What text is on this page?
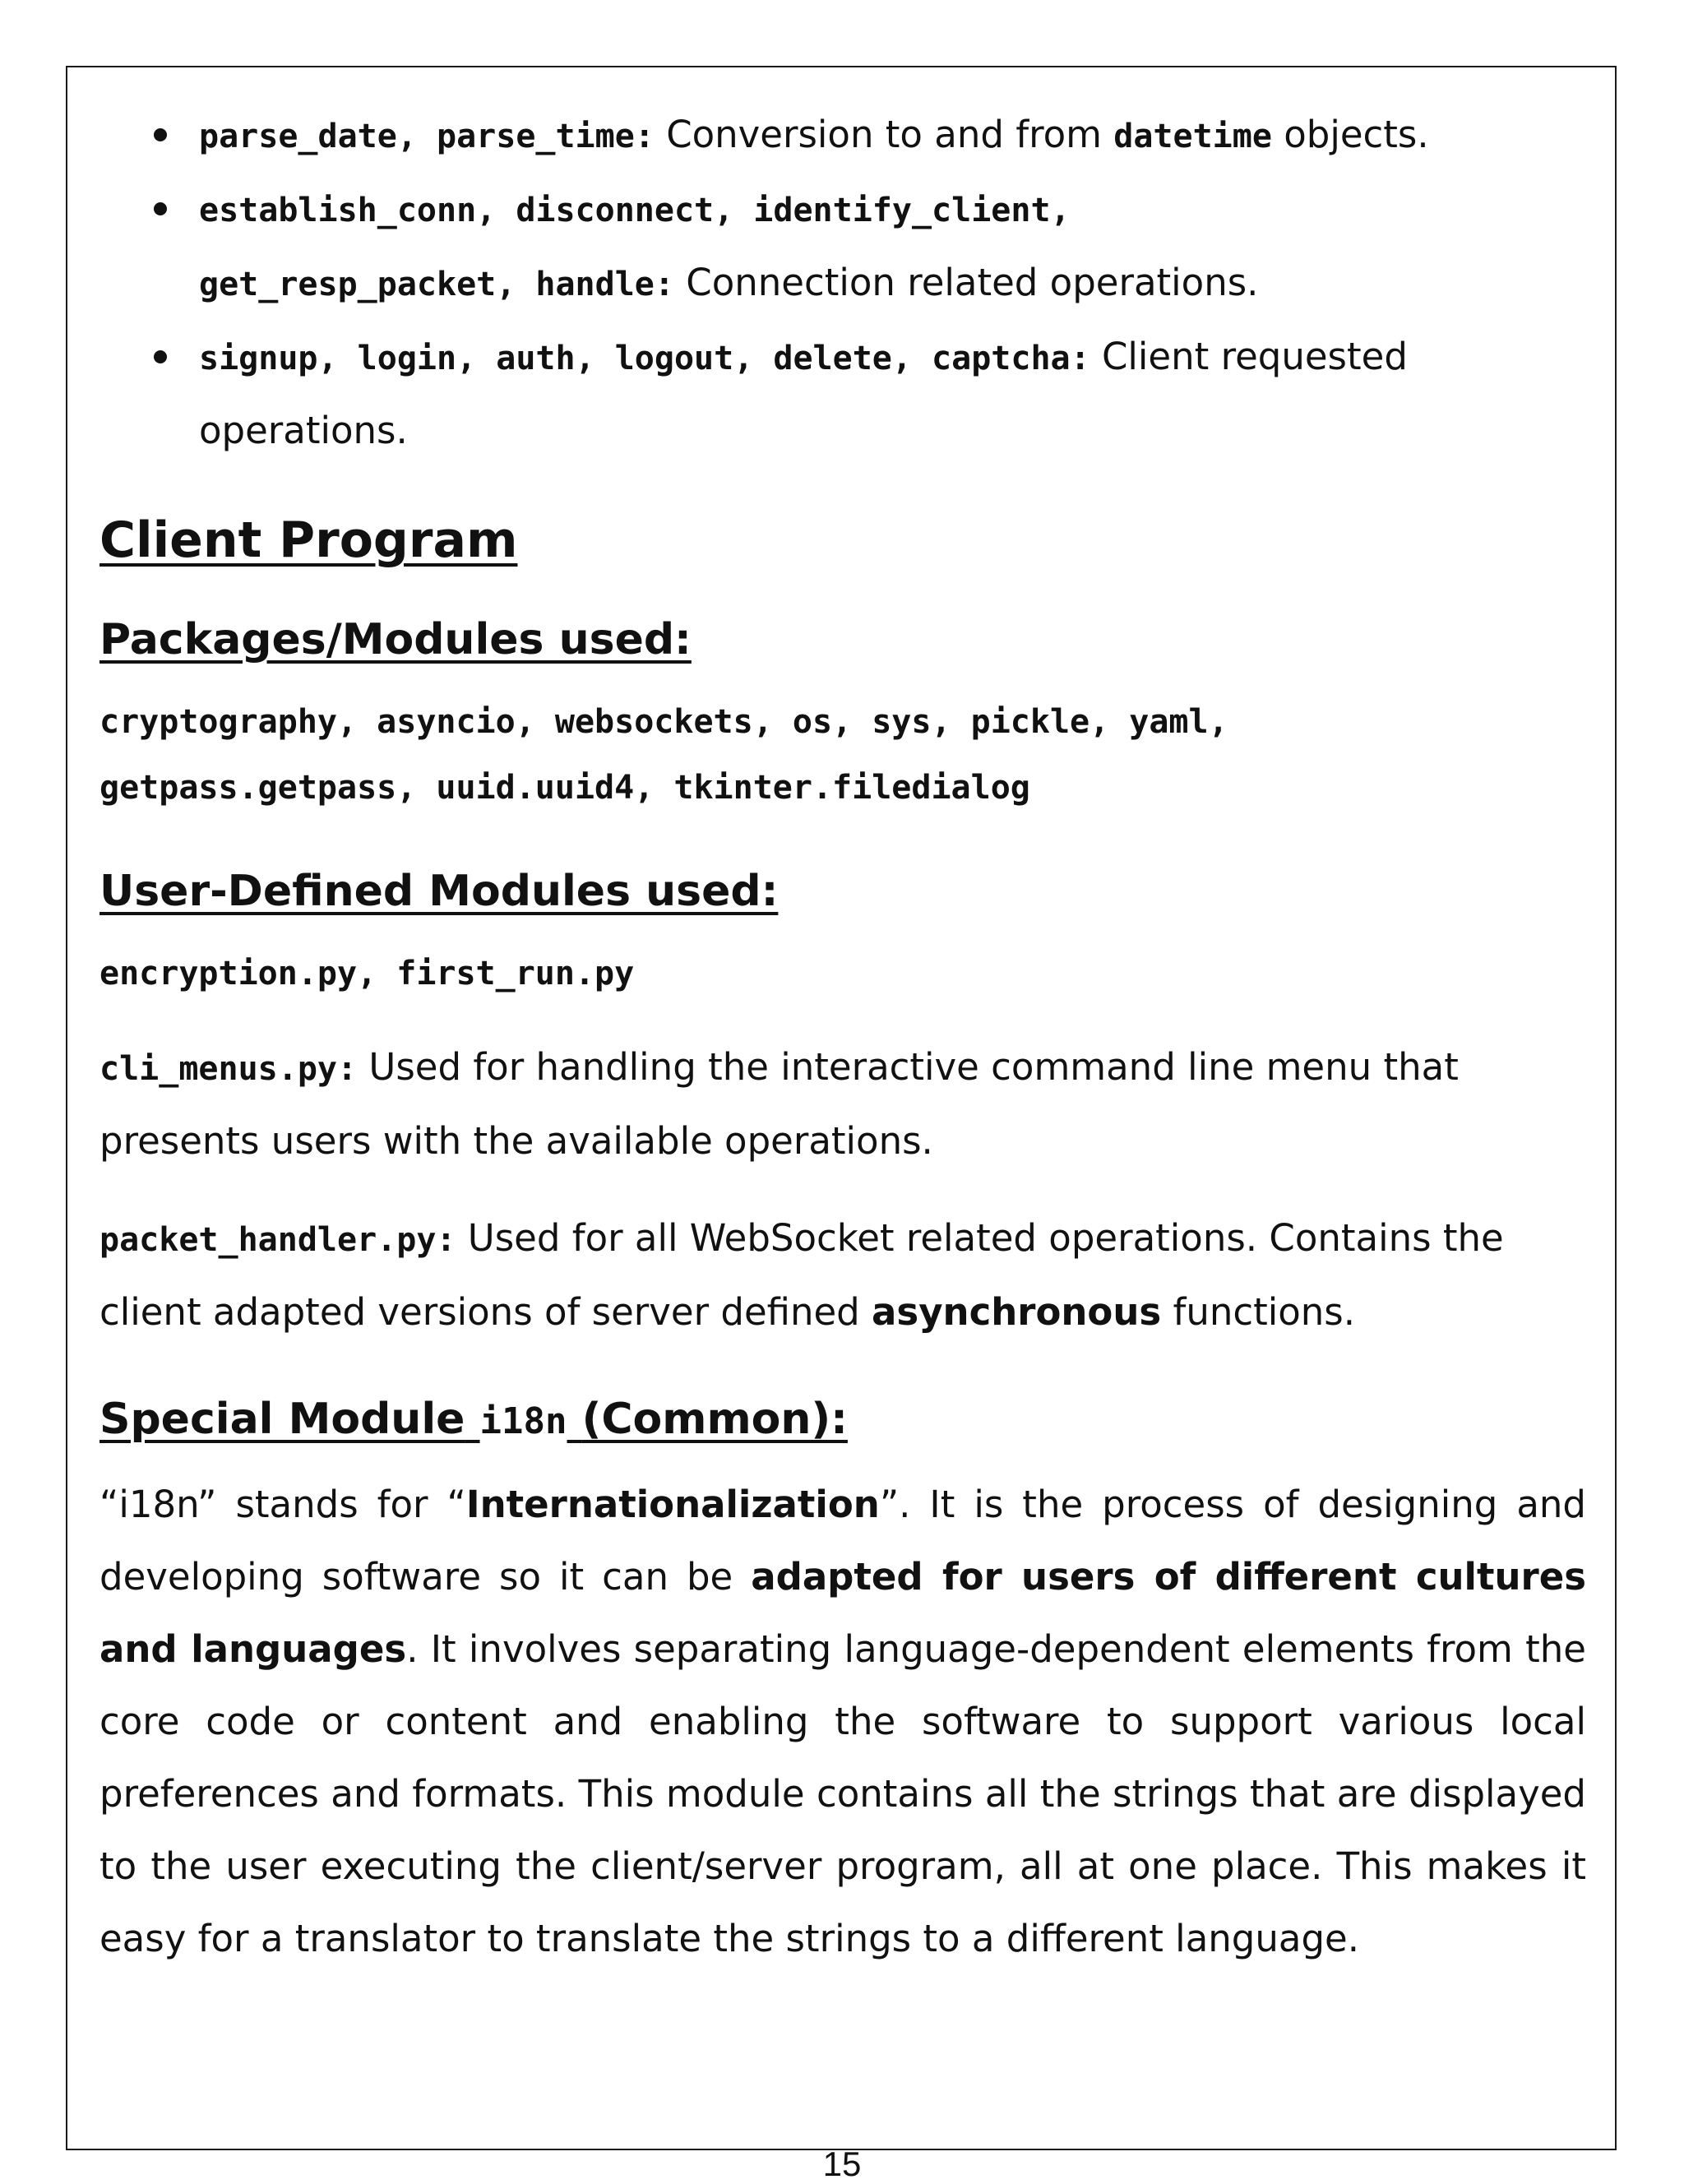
parse_date, parse_time: Conversion to and from datetime objects.
establish_conn, disconnect, identify_client,
get_resp_packet, handle: Connection related operations.
signup, login, auth, logout, delete, captcha: Client requested operations.
Client Program
Packages/Modules used:
cryptography, asyncio, websockets, os, sys, pickle, yaml,
getpass.getpass, uuid.uuid4, tkinter.filedialog
User-Defined Modules used:
encryption.py, first_run.py

cli_menus.py: Used for handling the interactive command line menu that presents users with the available operations.

packet_handler.py: Used for all WebSocket related operations. Contains the client adapted versions of server defined asynchronous functions.

Special Module i18n (Common):

“i18n” stands for “Internationalization”. It is the process of designing and developing software so it can be adapted for users of different cultures and languages. It involves separating language-dependent elements from the core code or content and enabling the software to support various local preferences and formats. This module contains all the strings that are displayed to the user executing the client/server program, all at one place. This makes it easy for a translator to translate the strings to a different language.

15
